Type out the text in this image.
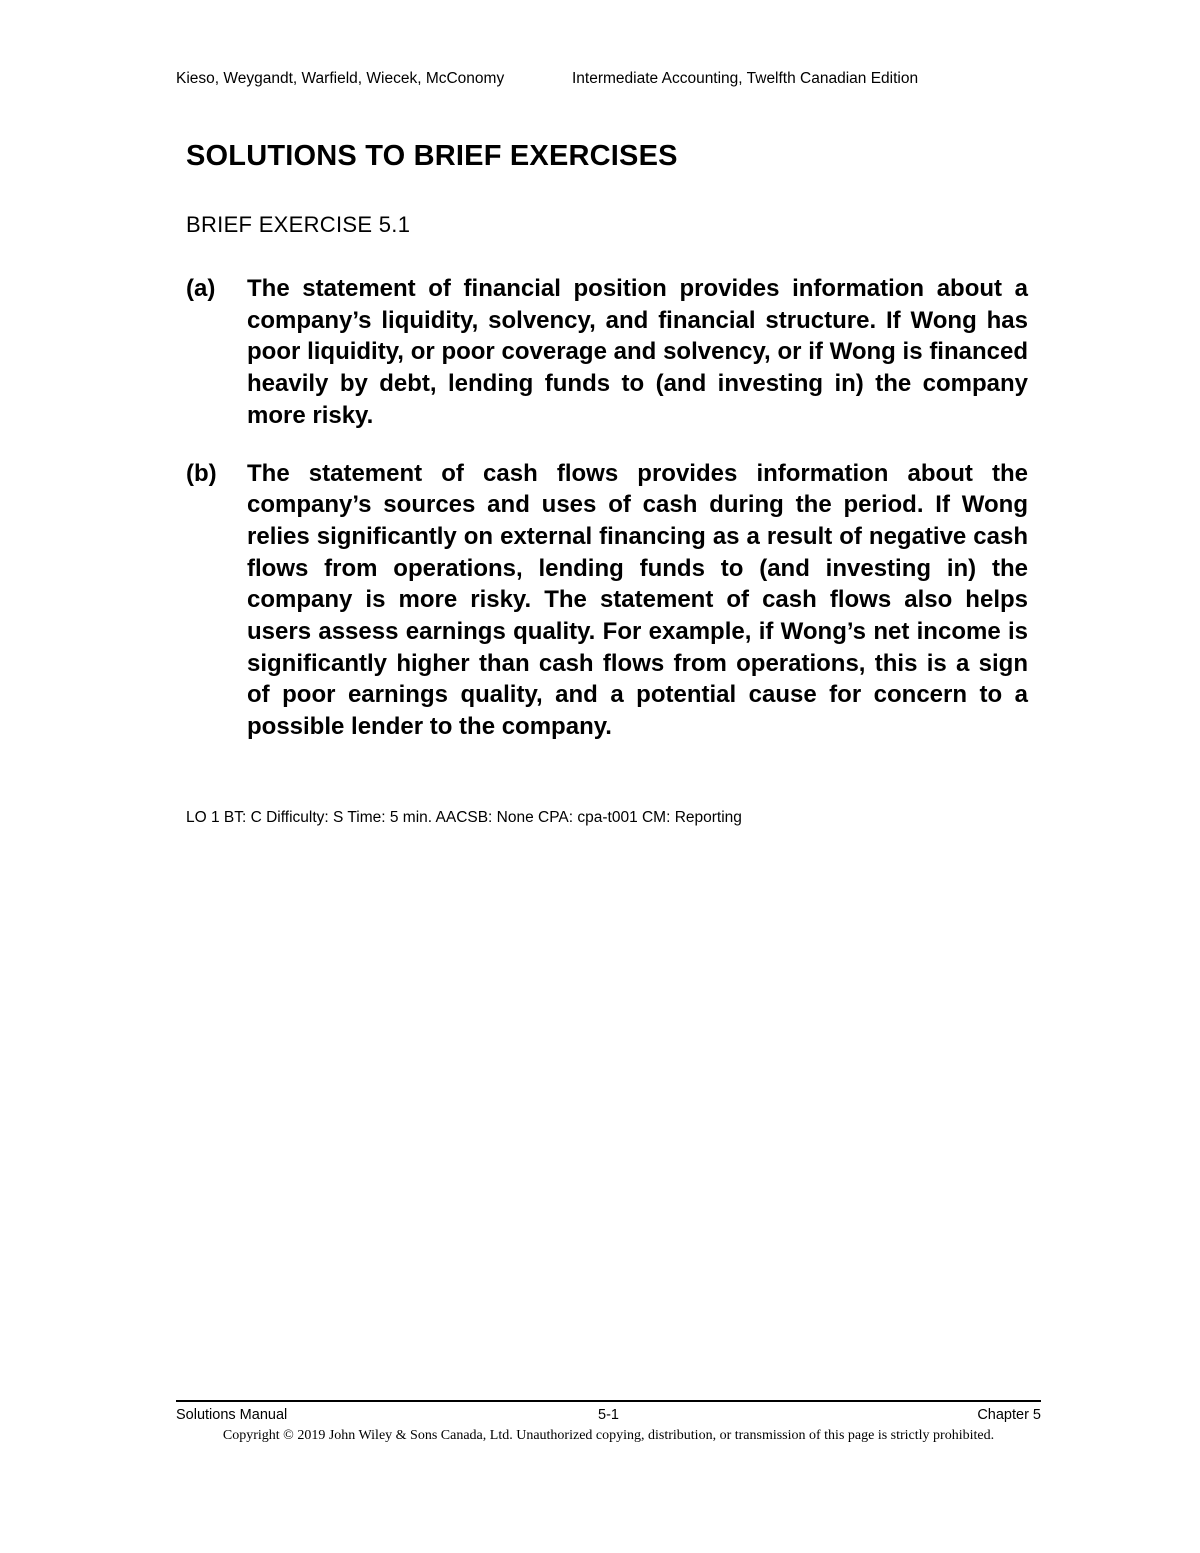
Kieso, Weygandt, Warfield, Wiecek, McConomy	Intermediate Accounting, Twelfth Canadian Edition
SOLUTIONS TO BRIEF EXERCISES
BRIEF EXERCISE 5.1
(a)	The statement of financial position provides information about a company’s liquidity, solvency, and financial structure. If Wong has poor liquidity, or poor coverage and solvency, or if Wong is financed heavily by debt, lending funds to (and investing in) the company more risky.
(b)	The statement of cash flows provides information about the company’s sources and uses of cash during the period. If Wong relies significantly on external financing as a result of negative cash flows from operations, lending funds to (and investing in) the company is more risky. The statement of cash flows also helps users assess earnings quality. For example, if Wong’s net income is significantly higher than cash flows from operations, this is a sign of poor earnings quality, and a potential cause for concern to a possible lender to the company.
LO 1 BT: C Difficulty: S Time: 5 min. AACSB: None CPA: cpa-t001 CM: Reporting
Solutions Manual	5-1	Chapter 5
Copyright © 2019 John Wiley & Sons Canada, Ltd. Unauthorized copying, distribution, or transmission of this page is strictly prohibited.
